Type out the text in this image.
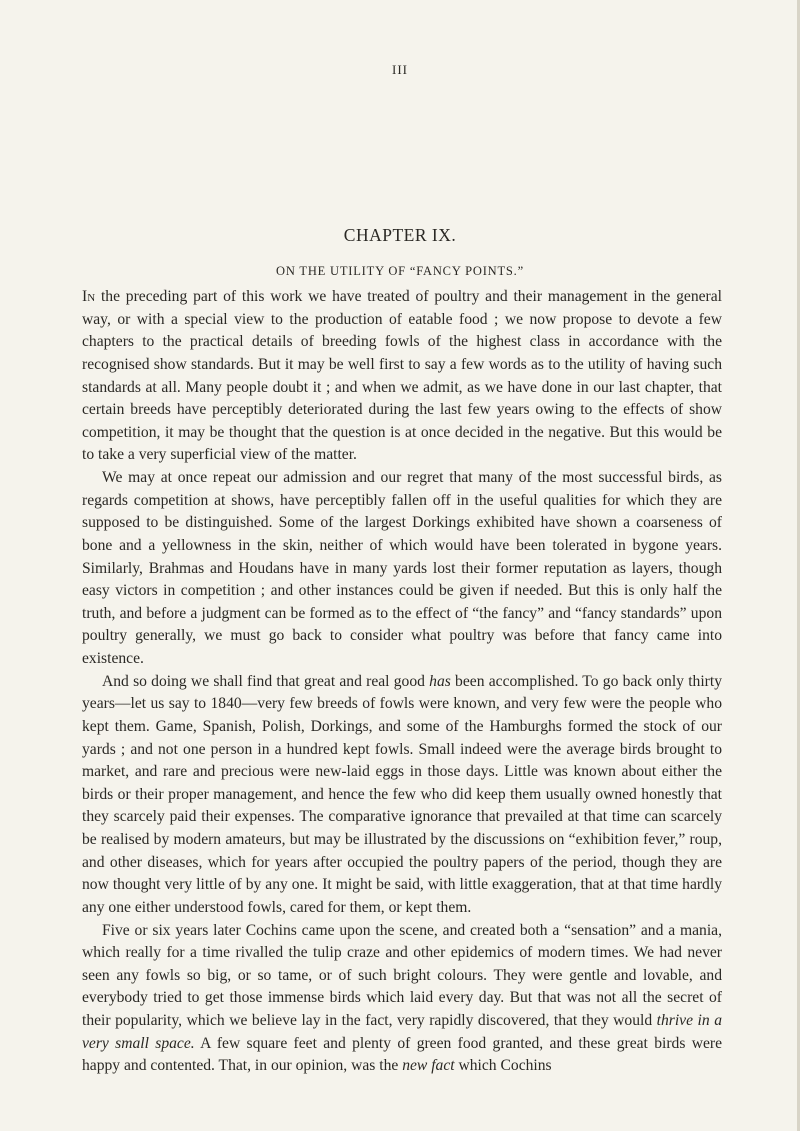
III
CHAPTER IX.
ON THE UTILITY OF “FANCY POINTS.”

In the preceding part of this work we have treated of poultry and their management in the general way, or with a special view to the production of eatable food ; we now propose to devote a few chapters to the practical details of breeding fowls of the highest class in accordance with the recognised show standards. But it may be well first to say a few words as to the utility of having such standards at all. Many people doubt it ; and when we admit, as we have done in our last chapter, that certain breeds have perceptibly deteriorated during the last few years owing to the effects of show competition, it may be thought that the question is at once decided in the negative. But this would be to take a very superficial view of the matter.

We may at once repeat our admission and our regret that many of the most successful birds, as regards competition at shows, have perceptibly fallen off in the useful qualities for which they are supposed to be distinguished. Some of the largest Dorkings exhibited have shown a coarseness of bone and a yellowness in the skin, neither of which would have been tolerated in bygone years. Similarly, Brahmas and Houdans have in many yards lost their former reputation as layers, though easy victors in competition ; and other instances could be given if needed. But this is only half the truth, and before a judgment can be formed as to the effect of “the fancy” and “fancy standards” upon poultry generally, we must go back to consider what poultry was before that fancy came into existence.

And so doing we shall find that great and real good has been accomplished. To go back only thirty years—let us say to 1840—very few breeds of fowls were known, and very few were the people who kept them. Game, Spanish, Polish, Dorkings, and some of the Hamburghs formed the stock of our yards ; and not one person in a hundred kept fowls. Small indeed were the average birds brought to market, and rare and precious were new-laid eggs in those days. Little was known about either the birds or their proper management, and hence the few who did keep them usually owned honestly that they scarcely paid their expenses. The comparative ignorance that prevailed at that time can scarcely be realised by modern amateurs, but may be illustrated by the discussions on “exhibition fever,” roup, and other diseases, which for years after occupied the poultry papers of the period, though they are now thought very little of by any one. It might be said, with little exaggeration, that at that time hardly any one either understood fowls, cared for them, or kept them.

Five or six years later Cochins came upon the scene, and created both a “sensation” and a mania, which really for a time rivalled the tulip craze and other epidemics of modern times. We had never seen any fowls so big, or so tame, or of such bright colours. They were gentle and lovable, and everybody tried to get those immense birds which laid every day. But that was not all the secret of their popularity, which we believe lay in the fact, very rapidly discovered, that they would thrive in a very small space. A few square feet and plenty of green food granted, and these great birds were happy and contented. That, in our opinion, was the new fact which Cochins
